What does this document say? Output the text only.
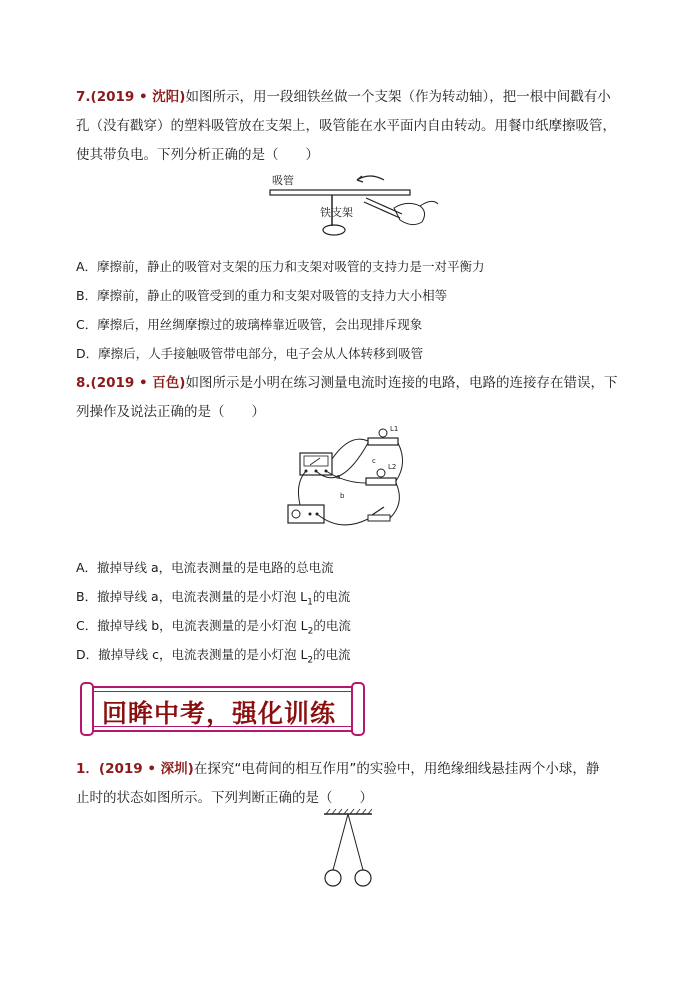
7.(2019 • 沈阳)如图所示，用一段细铁丝做一个支架（作为转动轴），把一根中间戳有小
孔（没有戳穿）的塑料吸管放在支架上，吸管能在水平面内自由转动。用餐巾纸摩擦吸管，
使其带负电。下列分析正确的是（　　）
吸管
铁支架
A．摩擦前，静止的吸管对支架的压力和支架对吸管的支持力是一对平衡力
B．摩擦前，静止的吸管受到的重力和支架对吸管的支持力大小相等
C．摩擦后，用丝绸摩擦过的玻璃棒靠近吸管，会出现排斥现象
D．摩擦后，人手接触吸管带电部分，电子会从人体转移到吸管
8.(2019 • 百色)如图所示是小明在练习测量电流时连接的电路，电路的连接存在错误，下
列操作及说法正确的是（　　）
L1
L2
a
b
c
A．撤掉导线 a，电流表测量的是电路的总电流
B．撤掉导线 a，电流表测量的是小灯泡 $L_1$的电流
C．撤掉导线 b，电流表测量的是小灯泡 $L_2$的电流
D．撤掉导线 c，电流表测量的是小灯泡 $L_2$的电流
回眸中考，强化训练
1．(2019 • 深圳)在探究“电荷间的相互作用”的实验中，用绝缘细线悬挂两个小球，静
止时的状态如图所示。下列判断正确的是（　　）
